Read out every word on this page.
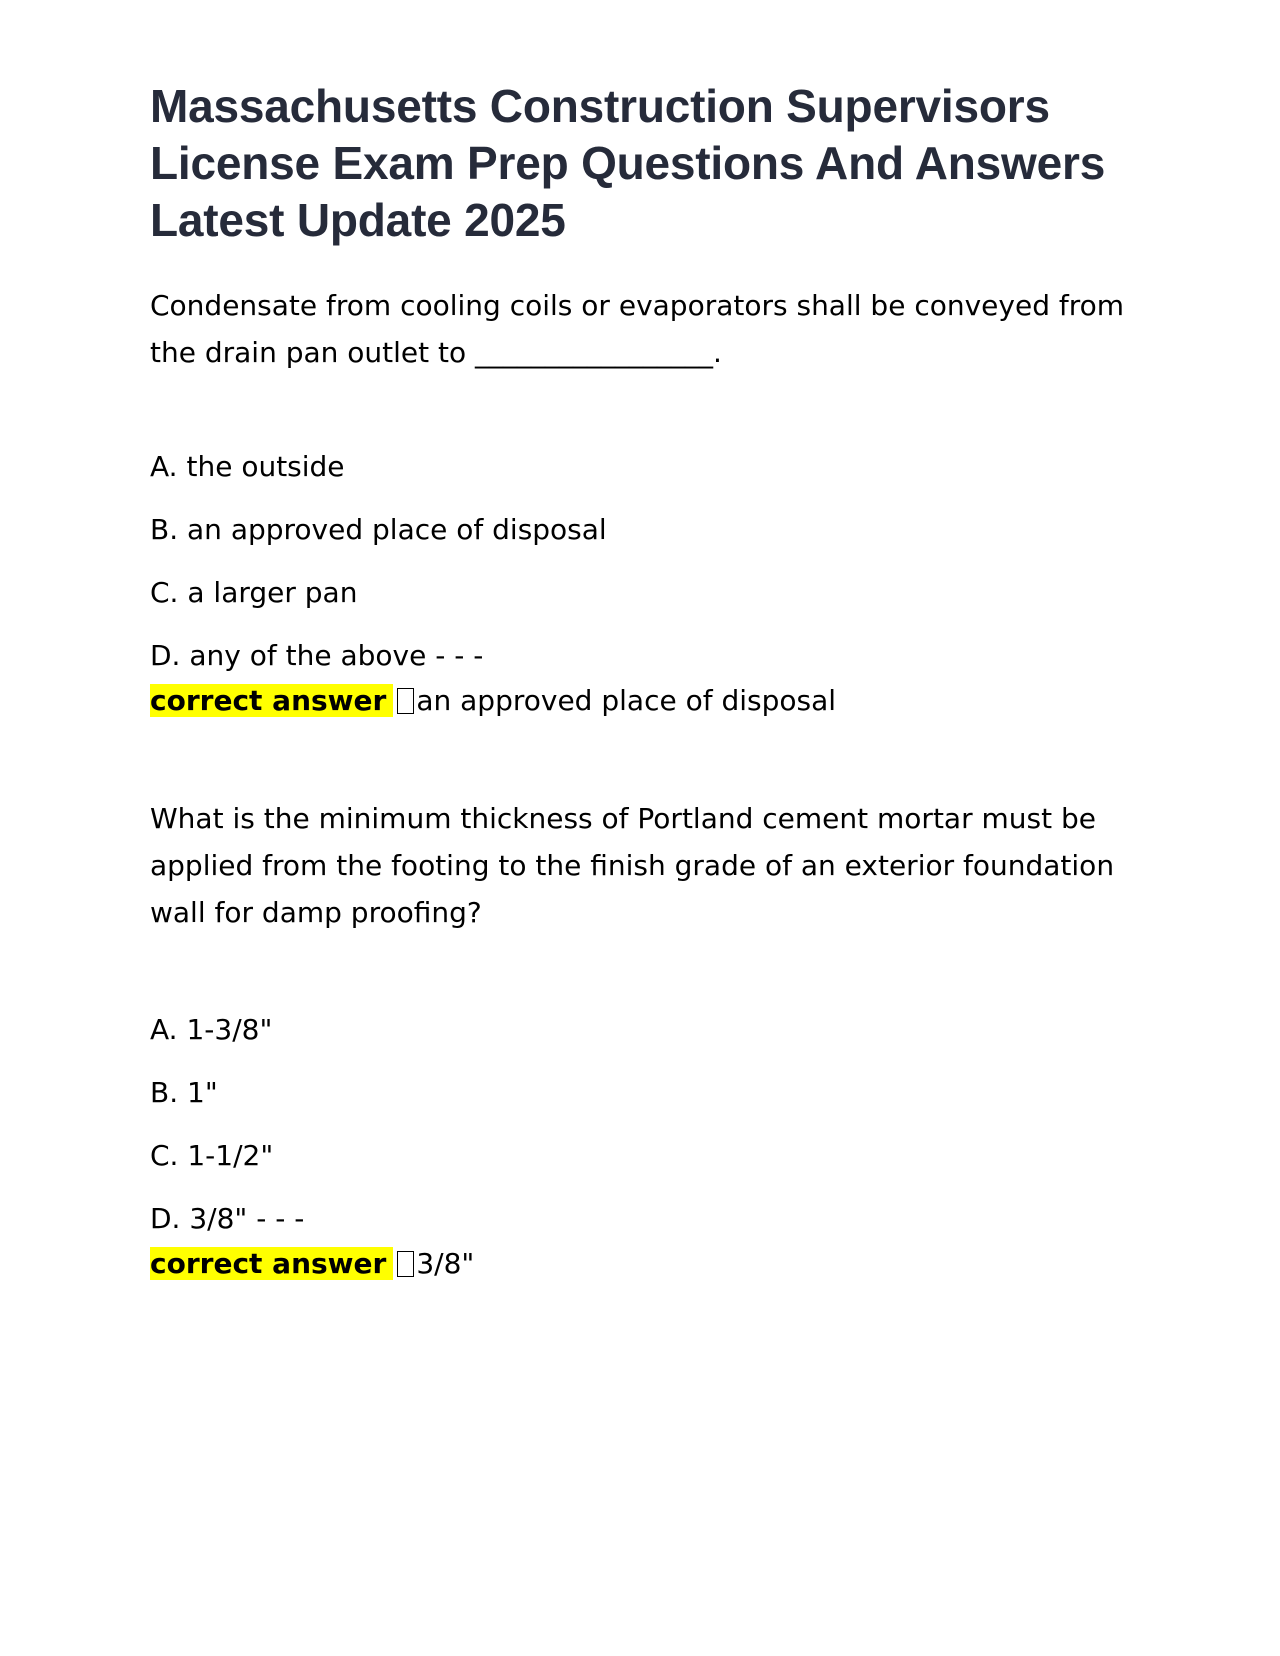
Massachusetts Construction Supervisors License Exam Prep Questions And Answers Latest Update 2025

Condensate from cooling coils or evaporators shall be conveyed from the drain pan outlet to _________________.

A. the outside
B. an approved place of disposal
C. a larger pan
D. any of the above - - -
correct answer an approved place of disposal

What is the minimum thickness of Portland cement mortar must be applied from the footing to the finish grade of an exterior foundation wall for damp proofing?

A. 1-3/8"
B. 1"
C. 1-1/2"
D. 3/8" - - -
correct answer 3/8"
